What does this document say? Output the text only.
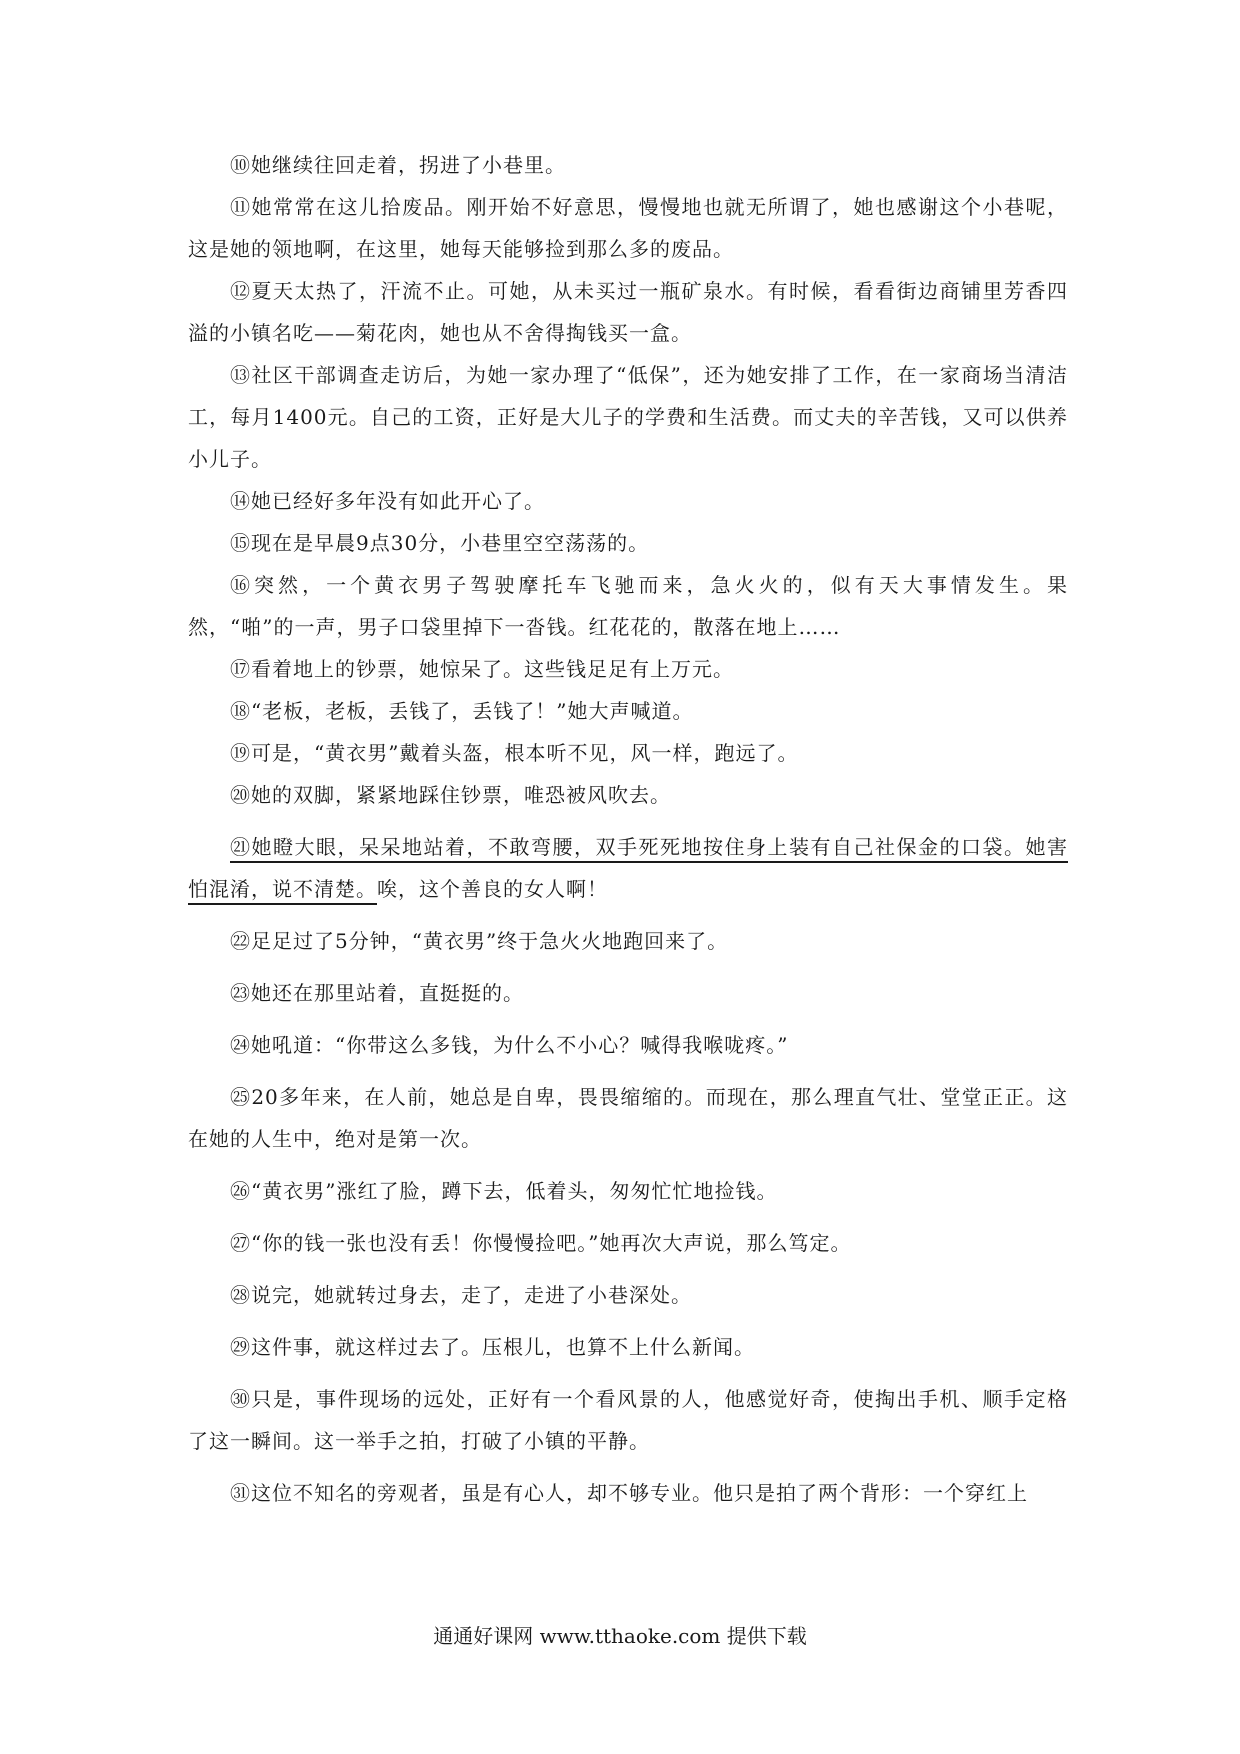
⑩她继续往回走着，拐进了小巷里。

⑪她常常在这儿拾废品。刚开始不好意思，慢慢地也就无所谓了，她也感谢这个小巷呢，这是她的领地啊，在这里，她每天能够捡到那么多的废品。

⑫夏天太热了，汗流不止。可她，从未买过一瓶矿泉水。有时候，看看街边商铺里芳香四溢的小镇名吃——菊花肉，她也从不舍得掏钱买一盒。

⑬社区干部调查走访后，为她一家办理了“低保”，还为她安排了工作，在一家商场当清洁工，每月1400元。自己的工资，正好是大儿子的学费和生活费。而丈夫的辛苦钱，又可以供养小儿子。

⑭她已经好多年没有如此开心了。

⑮现在是早晨9点30分，小巷里空空荡荡的。

⑯突然，一个黄衣男子驾驶摩托车飞驰而来，急火火的，似有天大事情发生。果然，“啪”的一声，男子口袋里掉下一沓钱。红花花的，散落在地上……

⑰看着地上的钞票，她惊呆了。这些钱足足有上万元。

⑱“老板，老板，丢钱了，丢钱了！”她大声喊道。

⑲可是，“黄衣男”戴着头盔，根本听不见，风一样，跑远了。

⑳她的双脚，紧紧地踩住钞票，唯恐被风吹去。

㉑她瞪大眼，呆呆地站着，不敢弯腰，双手死死地按住身上装有自己社保金的口袋。她害怕混淆，说不清楚。唉，这个善良的女人啊！

㉒足足过了5分钟，“黄衣男”终于急火火地跑回来了。

㉓她还在那里站着，直挺挺的。

㉔她吼道：“你带这么多钱，为什么不小心？喊得我喉咙疼。”

㉕20多年来，在人前，她总是自卑，畏畏缩缩的。而现在，那么理直气壮、堂堂正正。这在她的人生中，绝对是第一次。

㉖“黄衣男”涨红了脸，蹲下去，低着头，匆匆忙忙地捡钱。

㉗“你的钱一张也没有丢！你慢慢捡吧。”她再次大声说，那么笃定。

㉘说完，她就转过身去，走了，走进了小巷深处。

㉙这件事，就这样过去了。压根儿，也算不上什么新闻。

㉚只是，事件现场的远处，正好有一个看风景的人，他感觉好奇，使掏出手机、顺手定格了这一瞬间。这一举手之拍，打破了小镇的平静。

㉛这位不知名的旁观者，虽是有心人，却不够专业。他只是拍了两个背形：一个穿红上

通通好课网 www.tthaoke.com 提供下载
